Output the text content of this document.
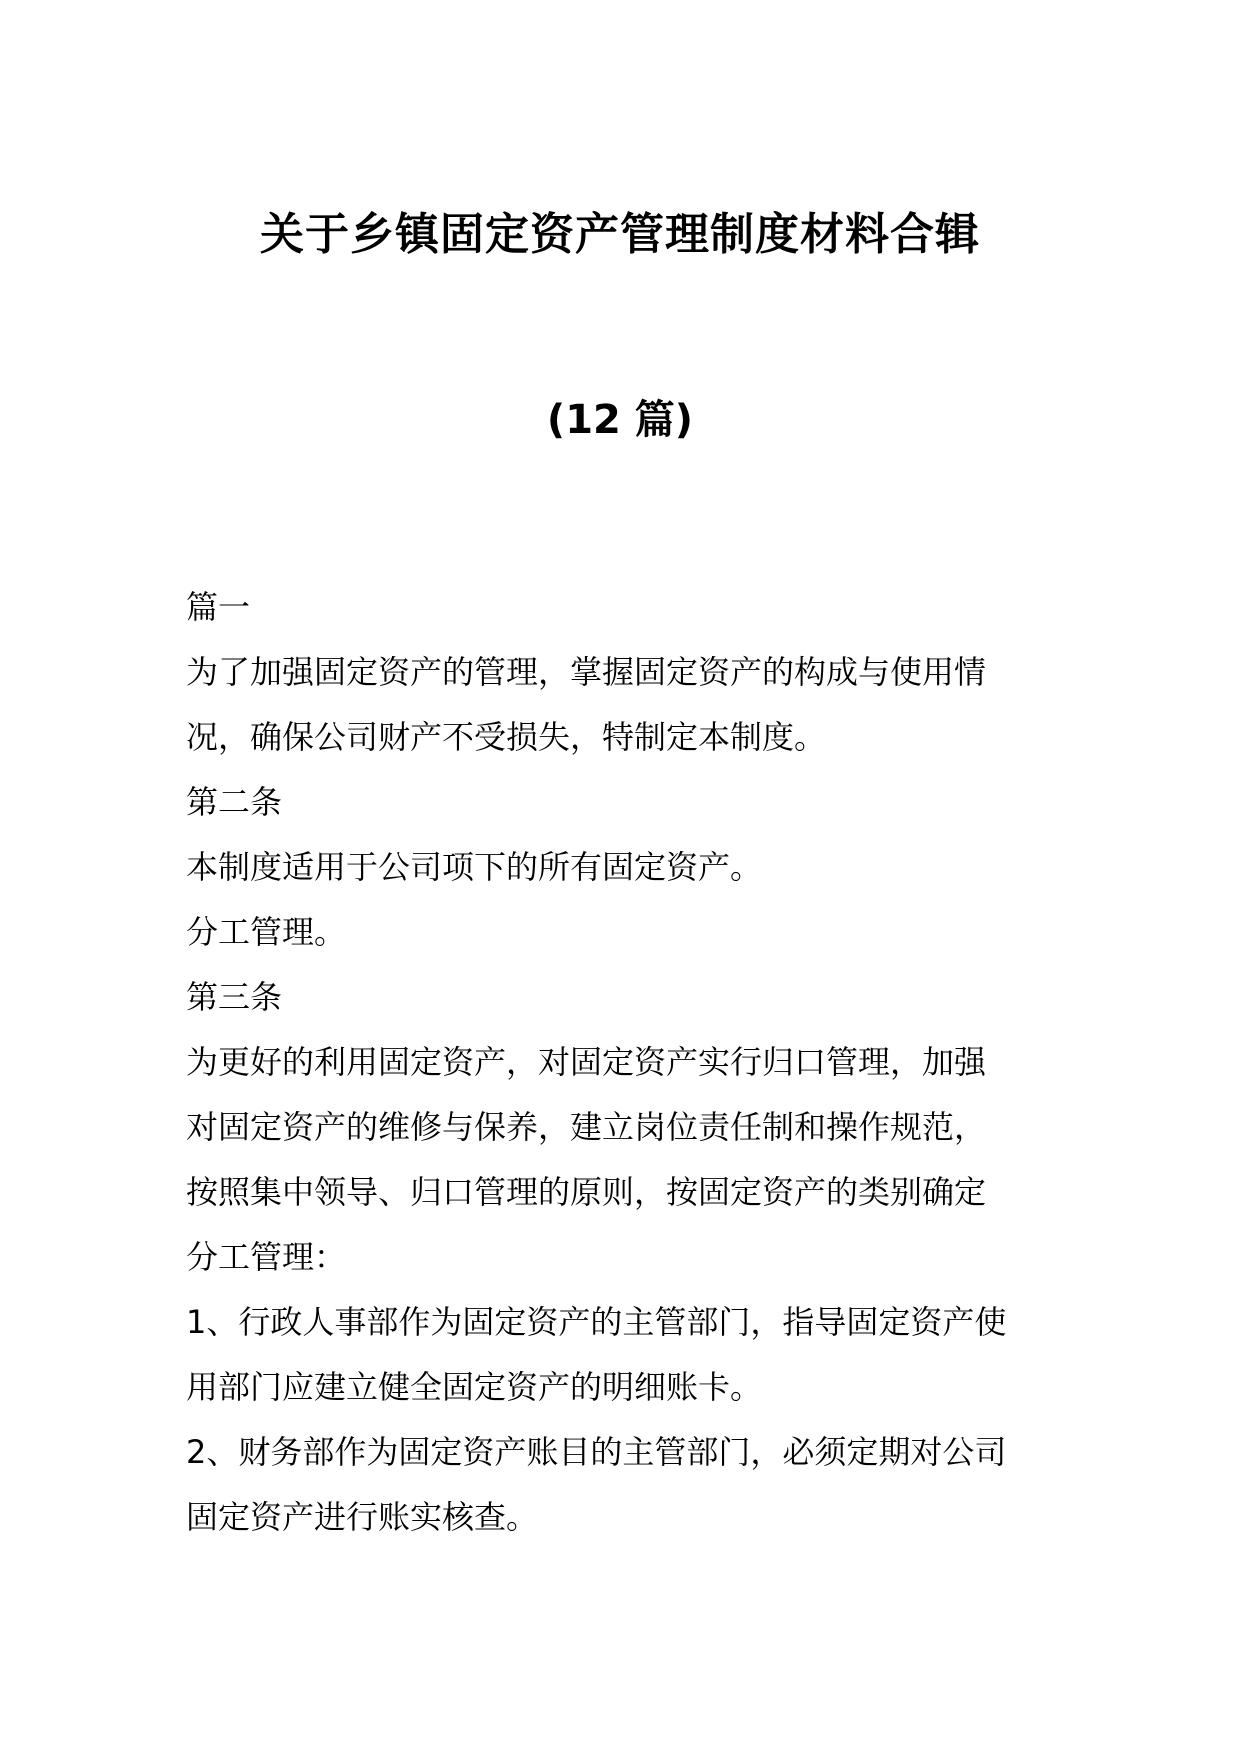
关于乡镇固定资产管理制度材料合辑
(12 篇)
篇一
为了加强固定资产的管理，掌握固定资产的构成与使用情
况，确保公司财产不受损失，特制定本制度。
第二条
本制度适用于公司项下的所有固定资产。
分工管理。
第三条
为更好的利用固定资产，对固定资产实行归口管理，加强
对固定资产的维修与保养，建立岗位责任制和操作规范，
按照集中领导、归口管理的原则，按固定资产的类别确定
分工管理：
1、行政人事部作为固定资产的主管部门，指导固定资产使
用部门应建立健全固定资产的明细账卡。
2、财务部作为固定资产账目的主管部门，必须定期对公司
固定资产进行账实核查。
